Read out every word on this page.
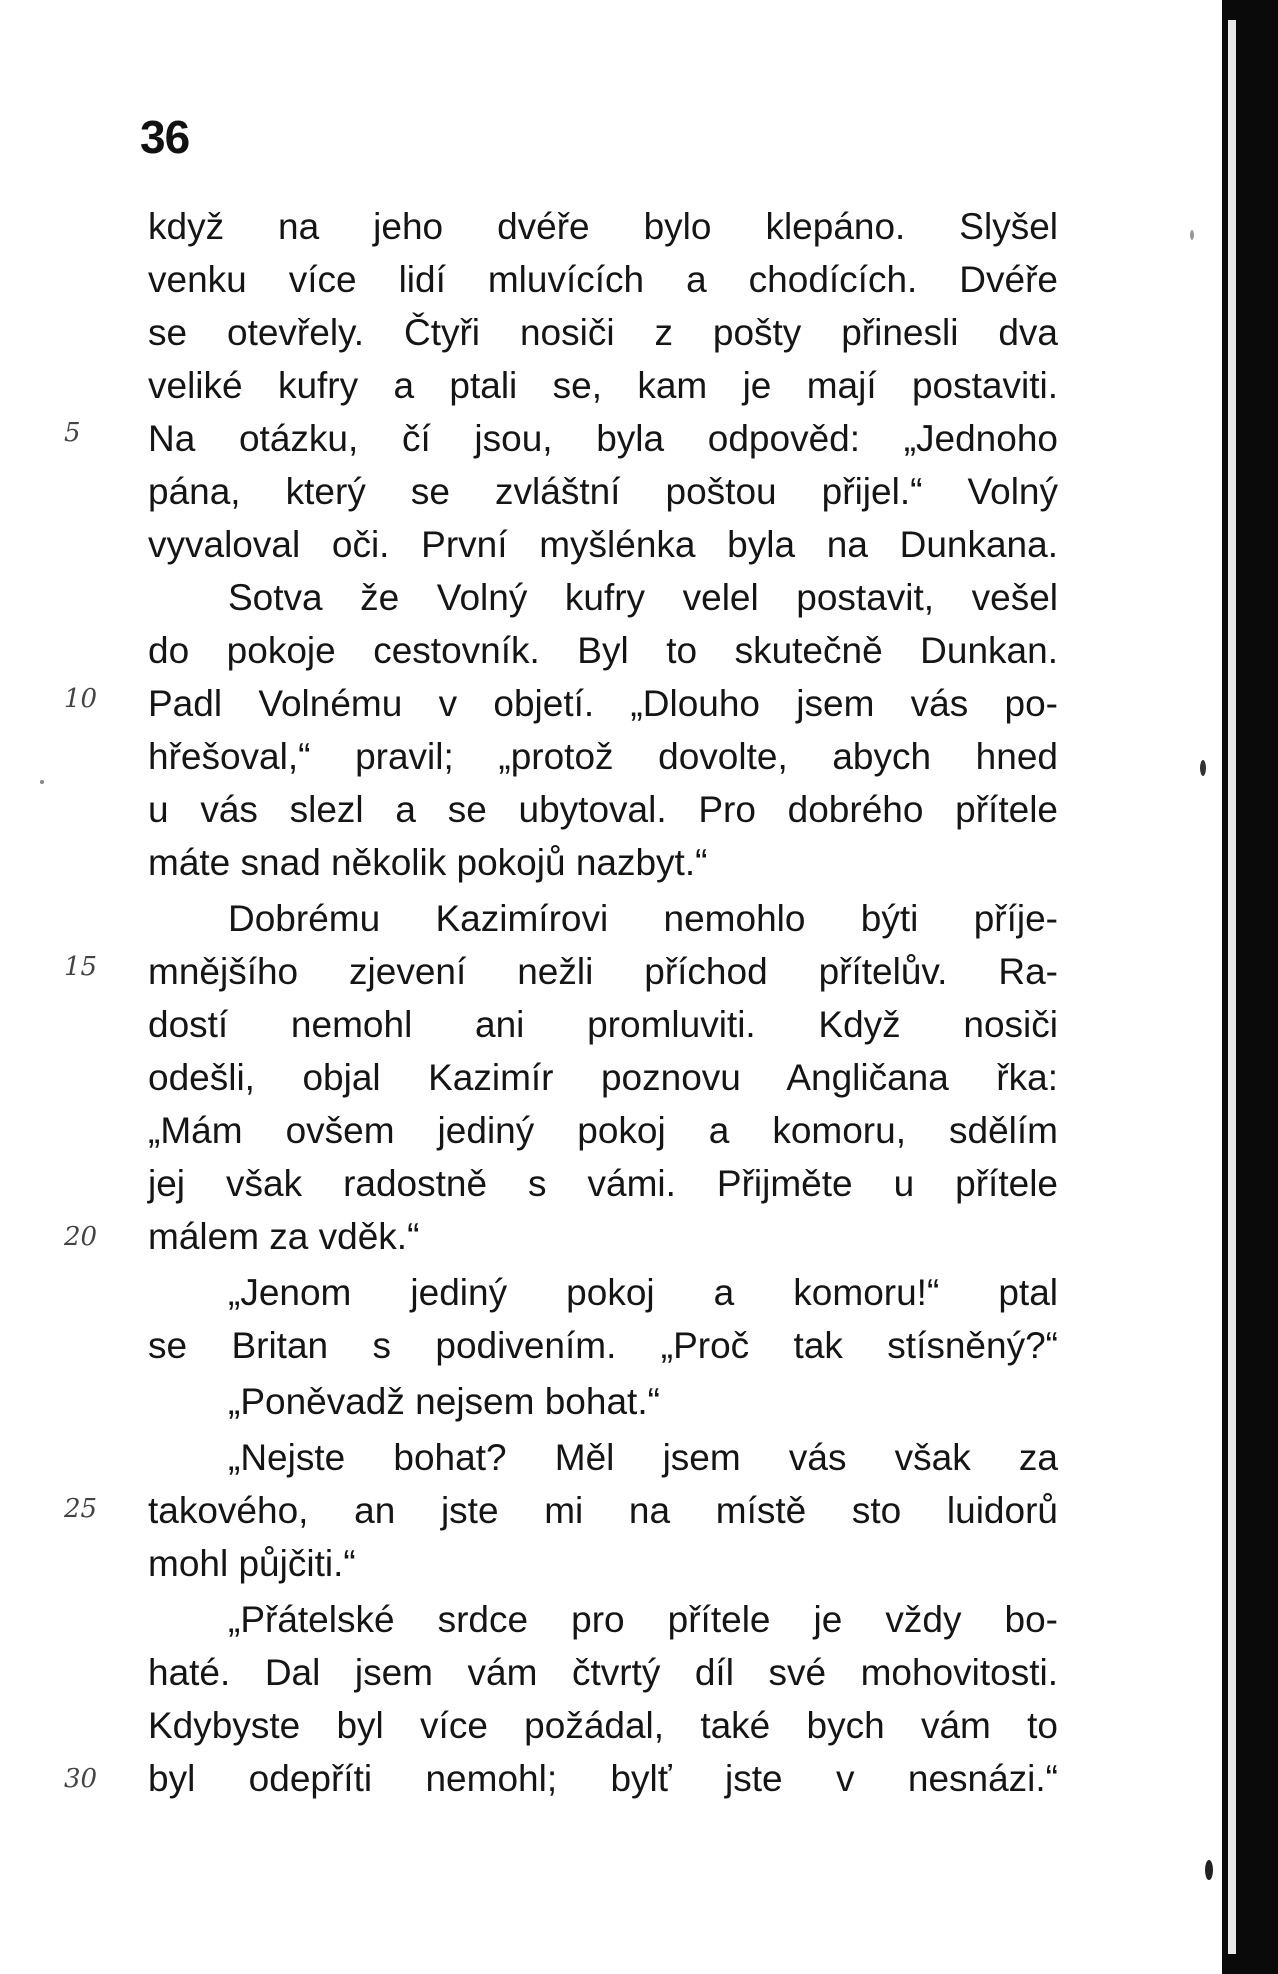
36
když na jeho dvéře bylo klepáno. Slyšel
venku více lidí mluvících a chodících. Dvéře
se otevřely. Čtyři nosiči z pošty přinesli dva
veliké kufry a ptali se, kam je mají postaviti.
Na otázku, čí jsou, byla odpověd: „Jednoho
pána, který se zvláštní poštou přijel.“ Volný
vyvaloval oči. První myšlénka byla na Dunkana.
Sotva že Volný kufry velel postavit, vešel
do pokoje cestovník. Byl to skutečně Dunkan.
Padl Volnému v objetí. „Dlouho jsem vás po-
hřešoval,“ pravil; „protož dovolte, abych hned
u vás slezl a se ubytoval. Pro dobrého přítele
máte snad několik pokojů nazbyt.“
Dobrému Kazimírovi nemohlo býti příje-
mnějšího zjevení nežli příchod přítelův. Ra-
dostí nemohl ani promluviti. Když nosiči
odešli, objal Kazimír poznovu Angličana řka:
„Mám ovšem jediný pokoj a komoru, sdělím
jej však radostně s vámi. Přijměte u přítele
málem za vděk.“
„Jenom jediný pokoj a komoru!“ ptal
se Britan s podivením. „Proč tak stísněný?“
„Poněvadž nejsem bohat.“
„Nejste bohat? Měl jsem vás však za
takového, an jste mi na místě sto luidorů
mohl půjčiti.“
„Přátelské srdce pro přítele je vždy bo-
haté. Dal jsem vám čtvrtý díl své mohovitosti.
Kdybyste byl více požádal, také bych vám to
byl odepříti nemohl; bylť jste v nesnázi.“
5
10
15
20
25
30
